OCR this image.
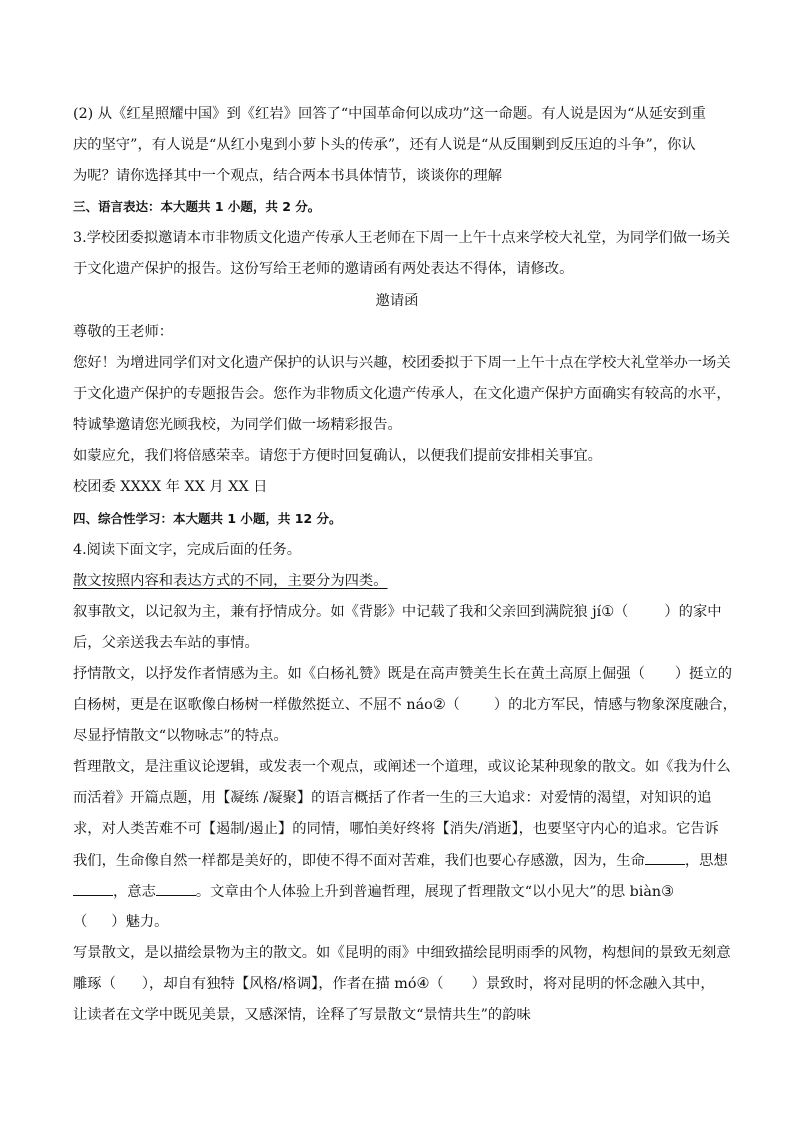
(2) 从《红星照耀中国》到《红岩》回答了“中国革命何以成功”这一命题。有人说是因为“从延安到重
庆的坚守”，有人说是“从红小鬼到小萝卜头的传承”，还有人说是“从反围剿到反压迫的斗争”，你认
为呢？请你选择其中一个观点，结合两本书具体情节，谈谈你的理解
三、语言表达：本大题共 1 小题，共 2 分。
3.学校团委拟邀请本市非物质文化遗产传承人王老师在下周一上午十点来学校大礼堂，为同学们做一场关
于文化遗产保护的报告。这份写给王老师的邀请函有两处表达不得体，请修改。
邀请函
尊敬的王老师：
您好！为增进同学们对文化遗产保护的认识与兴趣，校团委拟于下周一上午十点在学校大礼堂举办一场关
于文化遗产保护的专题报告会。您作为非物质文化遗产传承人，在文化遗产保护方面确实有较高的水平，
特诚挚邀请您光顾我校，为同学们做一场精彩报告。
如蒙应允，我们将倍感荣幸。请您于方便时回复确认，以便我们提前安排相关事宜。
校团委 XXXX 年 XX 月 XX 日
四、综合性学习：本大题共 1 小题，共 12 分。
4.阅读下面文字，完成后面的任务。
散文按照内容和表达方式的不同，主要分为四类。
叙事散文，以记叙为主，兼有抒情成分。如《背影》中记载了我和父亲回到满院狼 jí①（	）的家中
后，父亲送我去车站的事情。
抒情散文，以抒发作者情感为主。如《白杨礼赞》既是在高声赞美生长在黄土高原上倔强（ ）挺立的
白杨树，更是在讴歌像白杨树一样傲然挺立、不屈不 náo②（ ）的北方军民，情感与物象深度融合，
尽显抒情散文“以物咏志”的特点。
哲理散文，是注重议论逻辑，或发表一个观点，或阐述一个道理，或议论某种现象的散文。如《我为什么
而活着》开篇点题，用【凝练 /凝聚】的语言概括了作者一生的三大追求：对爱情的渴望，对知识的追
求，对人类苦难不可【遏制/遏止】的同情，哪怕美好终将【消失/消逝】，也要坚守内心的追求。它告诉
我们，生命像自然一样都是美好的，即使不得不面对苦难，我们也要心存感激，因为，生命	，思想
，意志	。文章由个人体验上升到普遍哲理，展现了哲理散文“以小见大”的思 biàn③
（ ）魅力。
写景散文，是以描绘景物为主的散文。如《昆明的雨》中细致描绘昆明雨季的风物，构想间的景致无刻意
雕琢（ ），却自有独特【风格/格调】，作者在描 mó④（ ）景致时，将对昆明的怀念融入其中，
让读者在文学中既见美景，又感深情，诠释了写景散文“景情共生”的韵味
